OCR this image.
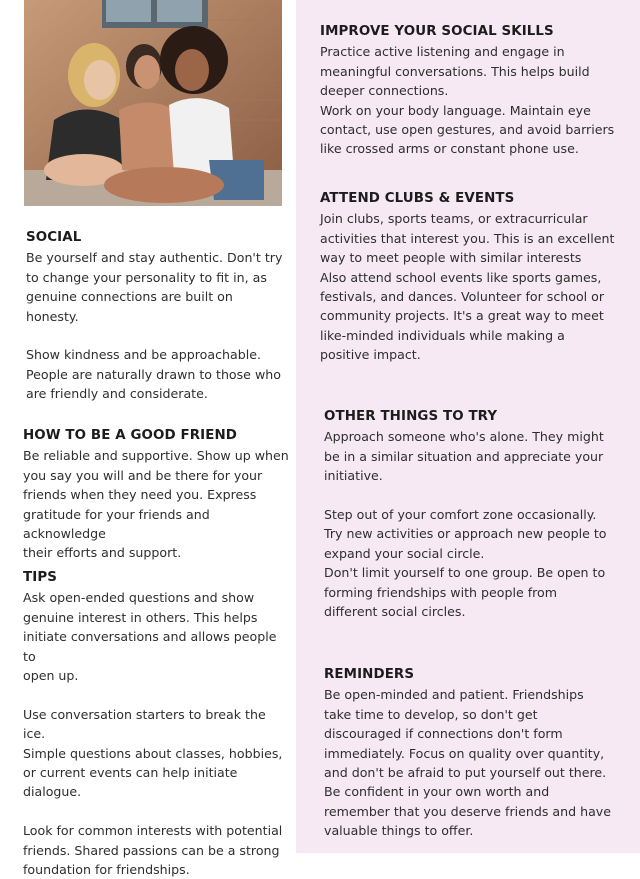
SOCIAL

Be yourself and stay authentic. Don't try
to change your personality to fit in, as
genuine connections are built on honesty.

Show kindness and be approachable.
People are naturally drawn to those who
are friendly and considerate.

HOW TO BE A GOOD FRIEND

Be reliable and supportive. Show up when
you say you will and be there for your
friends when they need you. Express
gratitude for your friends and acknowledge
their efforts and support.

TIPS

Ask open-ended questions and show
genuine interest in others. This helps
initiate conversations and allows people to
open up.

Use conversation starters to break the ice.
Simple questions about classes, hobbies,
or current events can help initiate
dialogue.

Look for common interests with potential
friends. Shared passions can be a strong
foundation for friendships.

IMPROVE YOUR SOCIAL SKILLS

Practice active listening and engage in
meaningful conversations. This helps build
deeper connections.
Work on your body language. Maintain eye
contact, use open gestures, and avoid barriers
like crossed arms or constant phone use.

ATTEND CLUBS & EVENTS

Join clubs, sports teams, or extracurricular
activities that interest you. This is an excellent
way to meet people with similar interests
Also attend school events like sports games,
festivals, and dances. Volunteer for school or
community projects. It's a great way to meet
like-minded individuals while making a
positive impact.

OTHER THINGS TO TRY

Approach someone who's alone. They might
be in a similar situation and appreciate your
initiative.

Step out of your comfort zone occasionally.
Try new activities or approach new people to
expand your social circle.
Don't limit yourself to one group. Be open to
forming friendships with people from
different social circles.

REMINDERS

Be open-minded and patient. Friendships
take time to develop, so don't get
discouraged if connections don't form
immediately. Focus on quality over quantity,
and don't be afraid to put yourself out there.
Be confident in your own worth and
remember that you deserve friends and have
valuable things to offer.
